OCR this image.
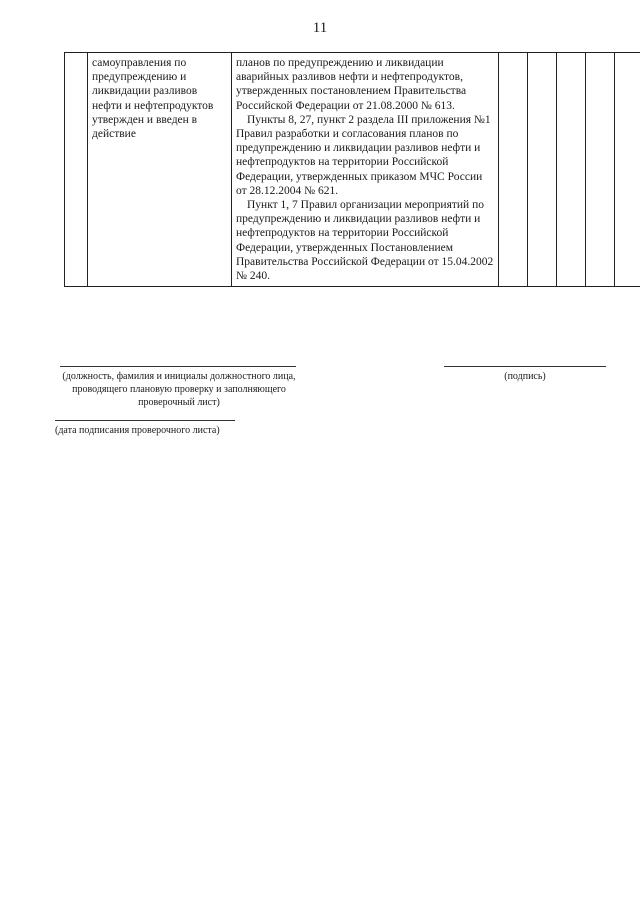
11

самоуправления по предупреждению и ликвидации разливов нефти и нефтепродуктов утвержден и введен в действие

планов по предупреждению и ликвидации аварийных разливов нефти и нефтепродуктов, утвержденных постановлением Правительства Российской Федерации от 21.08.2000 № 613.
Пункты 8, 27, пункт 2 раздела III приложения №1 Правил разработки и согласования планов по предупреждению и ликвидации разливов нефти и нефтепродуктов на территории Российской Федерации, утвержденных приказом МЧС России от 28.12.2004 № 621.
Пункт 1, 7 Правил организации мероприятий по предупреждению и ликвидации разливов нефти и нефтепродуктов на территории Российской Федерации, утвержденных Постановлением Правительства Российской Федерации от 15.04.2002 № 240.

(должность, фамилия и инициалы должностного лица, проводящего плановую проверку и заполняющего проверочный лист)
(подпись)
(дата подписания проверочного листа)
